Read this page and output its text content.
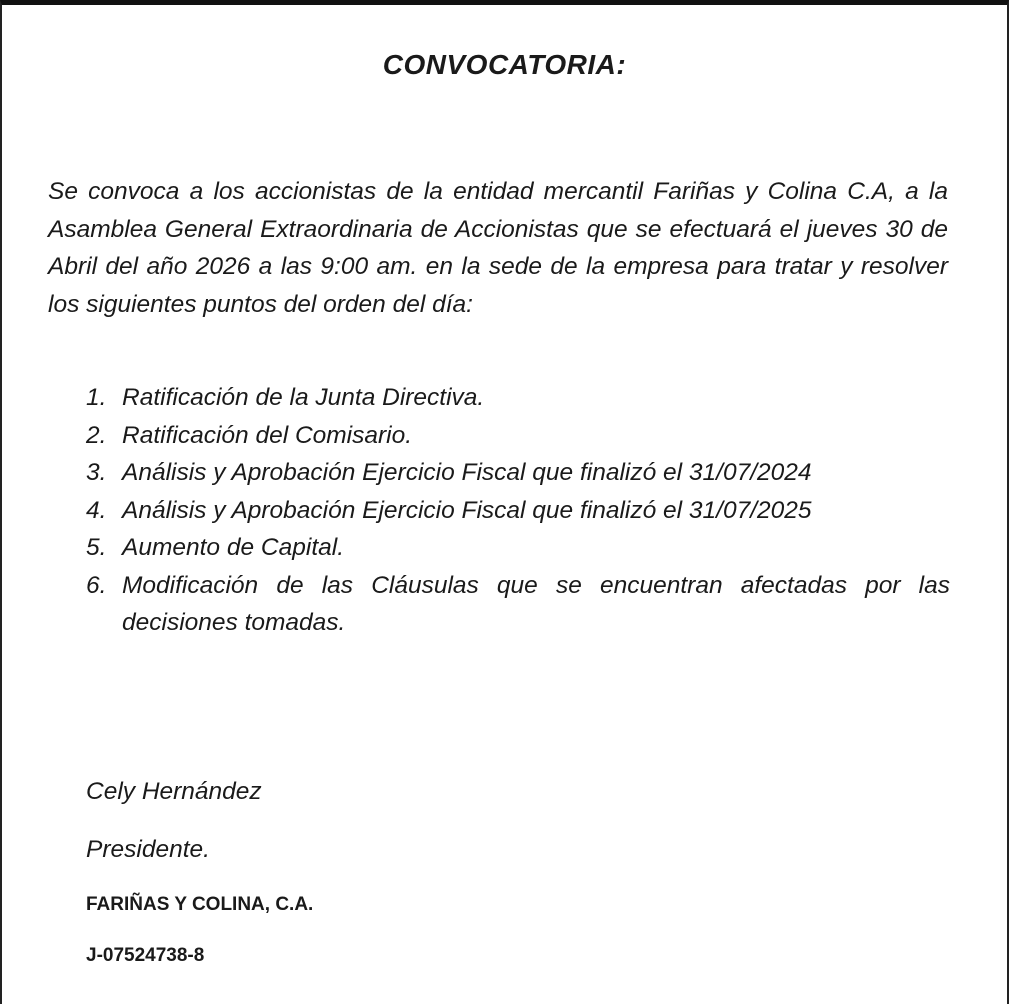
CONVOCATORIA:

Se convoca a los accionistas de la entidad mercantil Fariñas y Colina C.A, a la Asamblea General Extraordinaria de Accionistas que se efectuará el jueves 30 de Abril del año 2026 a las 9:00 am. en la sede de la empresa para tratar y resolver los siguientes puntos del orden del día:

1. Ratificación de la Junta Directiva.
2. Ratificación del Comisario.
3. Análisis y Aprobación Ejercicio Fiscal que finalizó el 31/07/2024
4. Análisis y Aprobación Ejercicio Fiscal que finalizó el 31/07/2025
5. Aumento de Capital.
6. Modificación de las Cláusulas que se encuentran afectadas por las decisiones tomadas.

Cely Hernández

Presidente.

FARIÑAS Y COLINA, C.A.

J-07524738-8
